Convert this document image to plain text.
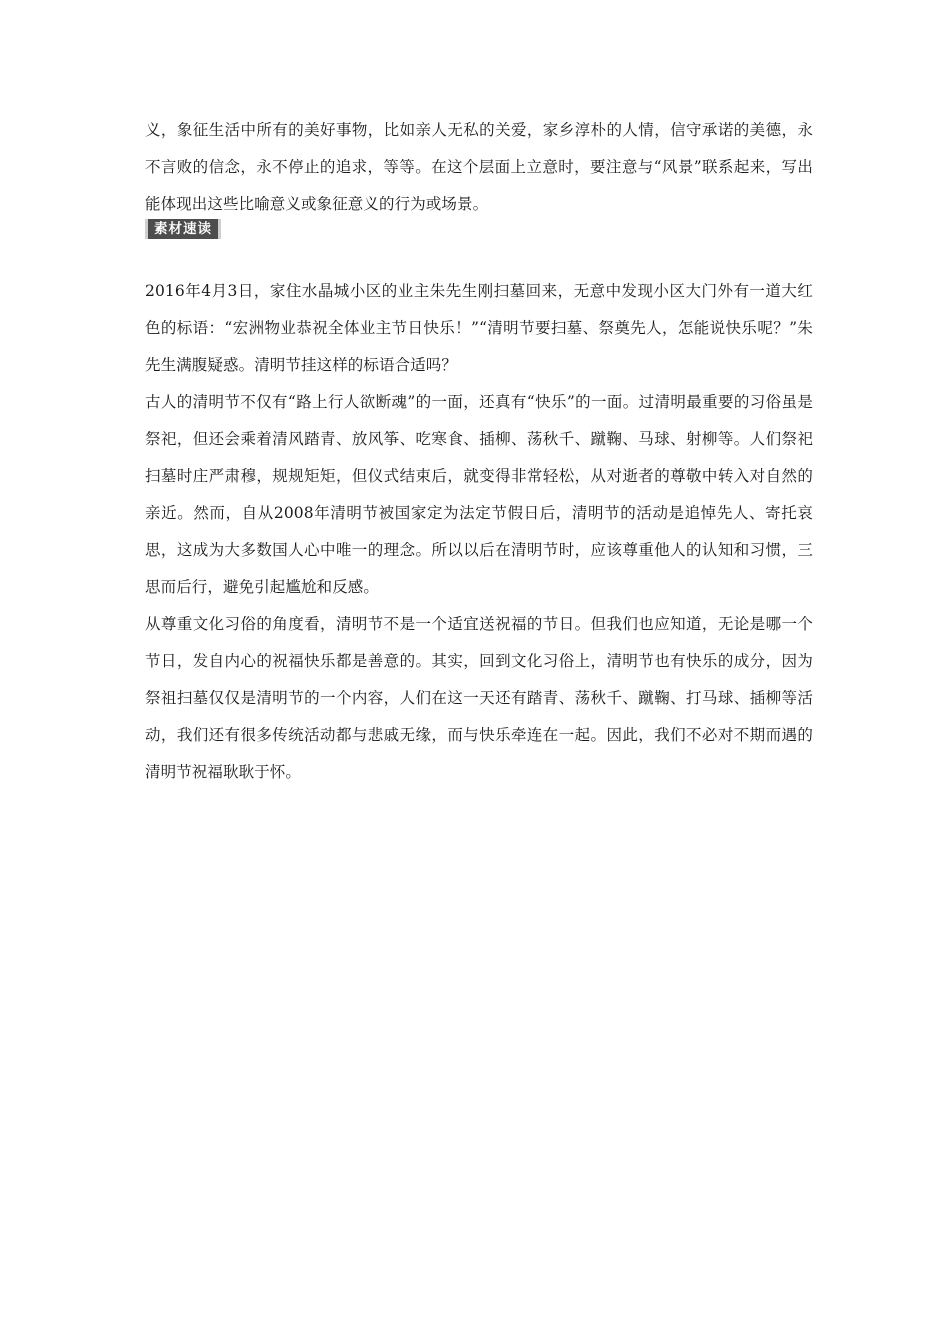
义，象征生活中所有的美好事物，比如亲人无私的关爱，家乡淳朴的人情，信守承诺的美德，永不言败的信念，永不停止的追求，等等。在这个层面上立意时，要注意与“风景”联系起来，写出能体现出这些比喻意义或象征意义的行为或场景。

素材速读

2016年4月3日，家住水晶城小区的业主朱先生刚扫墓回来，无意中发现小区大门外有一道大红色的标语：“宏洲物业恭祝全体业主节日快乐！”“清明节要扫墓、祭奠先人，怎能说快乐呢？”朱先生满腹疑惑。清明节挂这样的标语合适吗？

古人的清明节不仅有“路上行人欲断魂”的一面，还真有“快乐”的一面。过清明最重要的习俗虽是祭祀，但还会乘着清风踏青、放风筝、吃寒食、插柳、荡秋千、蹴鞠、马球、射柳等。人们祭祀扫墓时庄严肃穆，规规矩矩，但仪式结束后，就变得非常轻松，从对逝者的尊敬中转入对自然的亲近。然而，自从2008年清明节被国家定为法定节假日后，清明节的活动是追悼先人、寄托哀思，这成为大多数国人心中唯一的理念。所以以后在清明节时，应该尊重他人的认知和习惯，三思而后行，避免引起尴尬和反感。

从尊重文化习俗的角度看，清明节不是一个适宜送祝福的节日。但我们也应知道，无论是哪一个节日，发自内心的祝福快乐都是善意的。其实，回到文化习俗上，清明节也有快乐的成分，因为祭祖扫墓仅仅是清明节的一个内容，人们在这一天还有踏青、荡秋千、蹴鞠、打马球、插柳等活动，我们还有很多传统活动都与悲戚无缘，而与快乐牵连在一起。因此，我们不必对不期而遇的清明节祝福耿耿于怀。
